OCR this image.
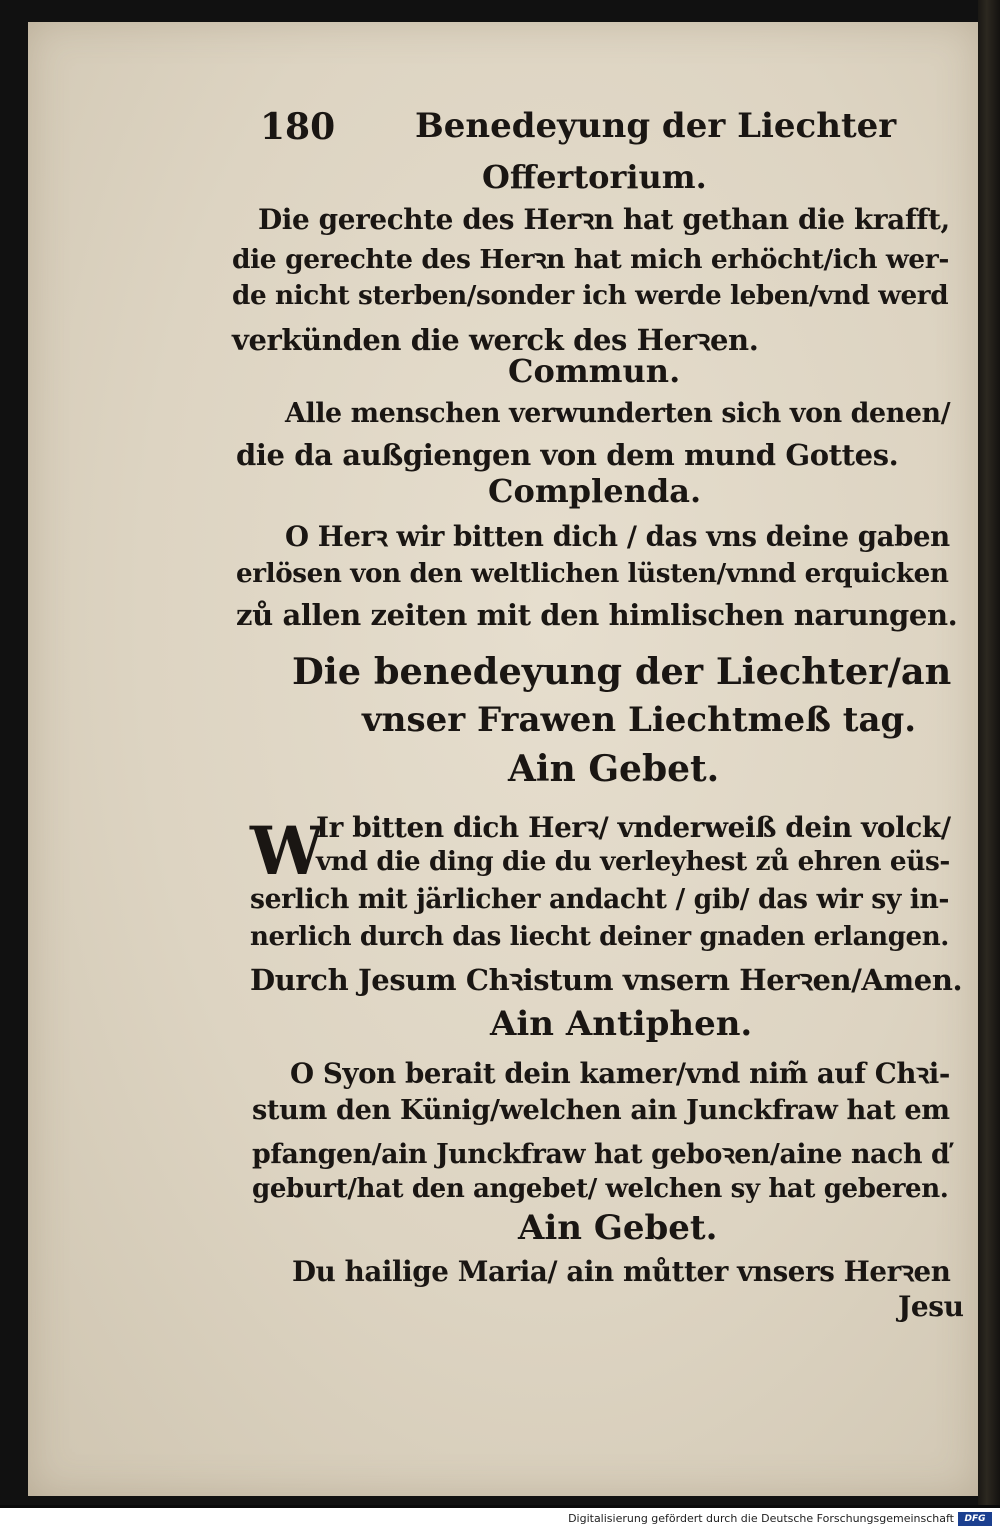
180 Benedeyung der Liechter
Offertorium.
Die gerechte des Herꝛn hat gethan die krafft,
die gerechte des Herꝛn hat mich erhöcht/ich wer-
de nicht sterben/sonder ich werde leben/vnd werd
verkünden die werck des Herꝛen.
Commun.
Alle menschen verwunderten sich von denen/
die da außgiengen von dem mund Gottes.
Complenda.
O Herꝛ wir bitten dich / das vns deine gaben
erlösen von den weltlichen lüsten/vnnd erquicken
zů allen zeiten mit den himlischen narungen.
Die benedeyung der Liechter/an
vnser Frawen Liechtmeß tag.
Ain Gebet.
W
Ir bitten dich Herꝛ/ vnderweiß dein volck/
vnd die ding die du verleyhest zů ehren eüs-
serlich mit järlicher andacht / gib/ das wir sy in-
nerlich durch das liecht deiner gnaden erlangen.
Durch Jesum Chꝛistum vnsern Herꝛen/Amen.
Ain Antiphen.
O Syon berait dein kamer/vnd nim̃ auf Chꝛi-
stum den Künig/welchen ain Junckfraw hat em
pfangen/ain Junckfraw hat geboꝛen/aine nach ď
geburt/hat den angebet/ welchen sy hat geberen.
Ain Gebet.
Du hailige Maria/ ain můtter vnsers Herꝛen
Jesu
Digitalisierung gefördert durch die Deutsche Forschungsgemeinschaft	DFG
